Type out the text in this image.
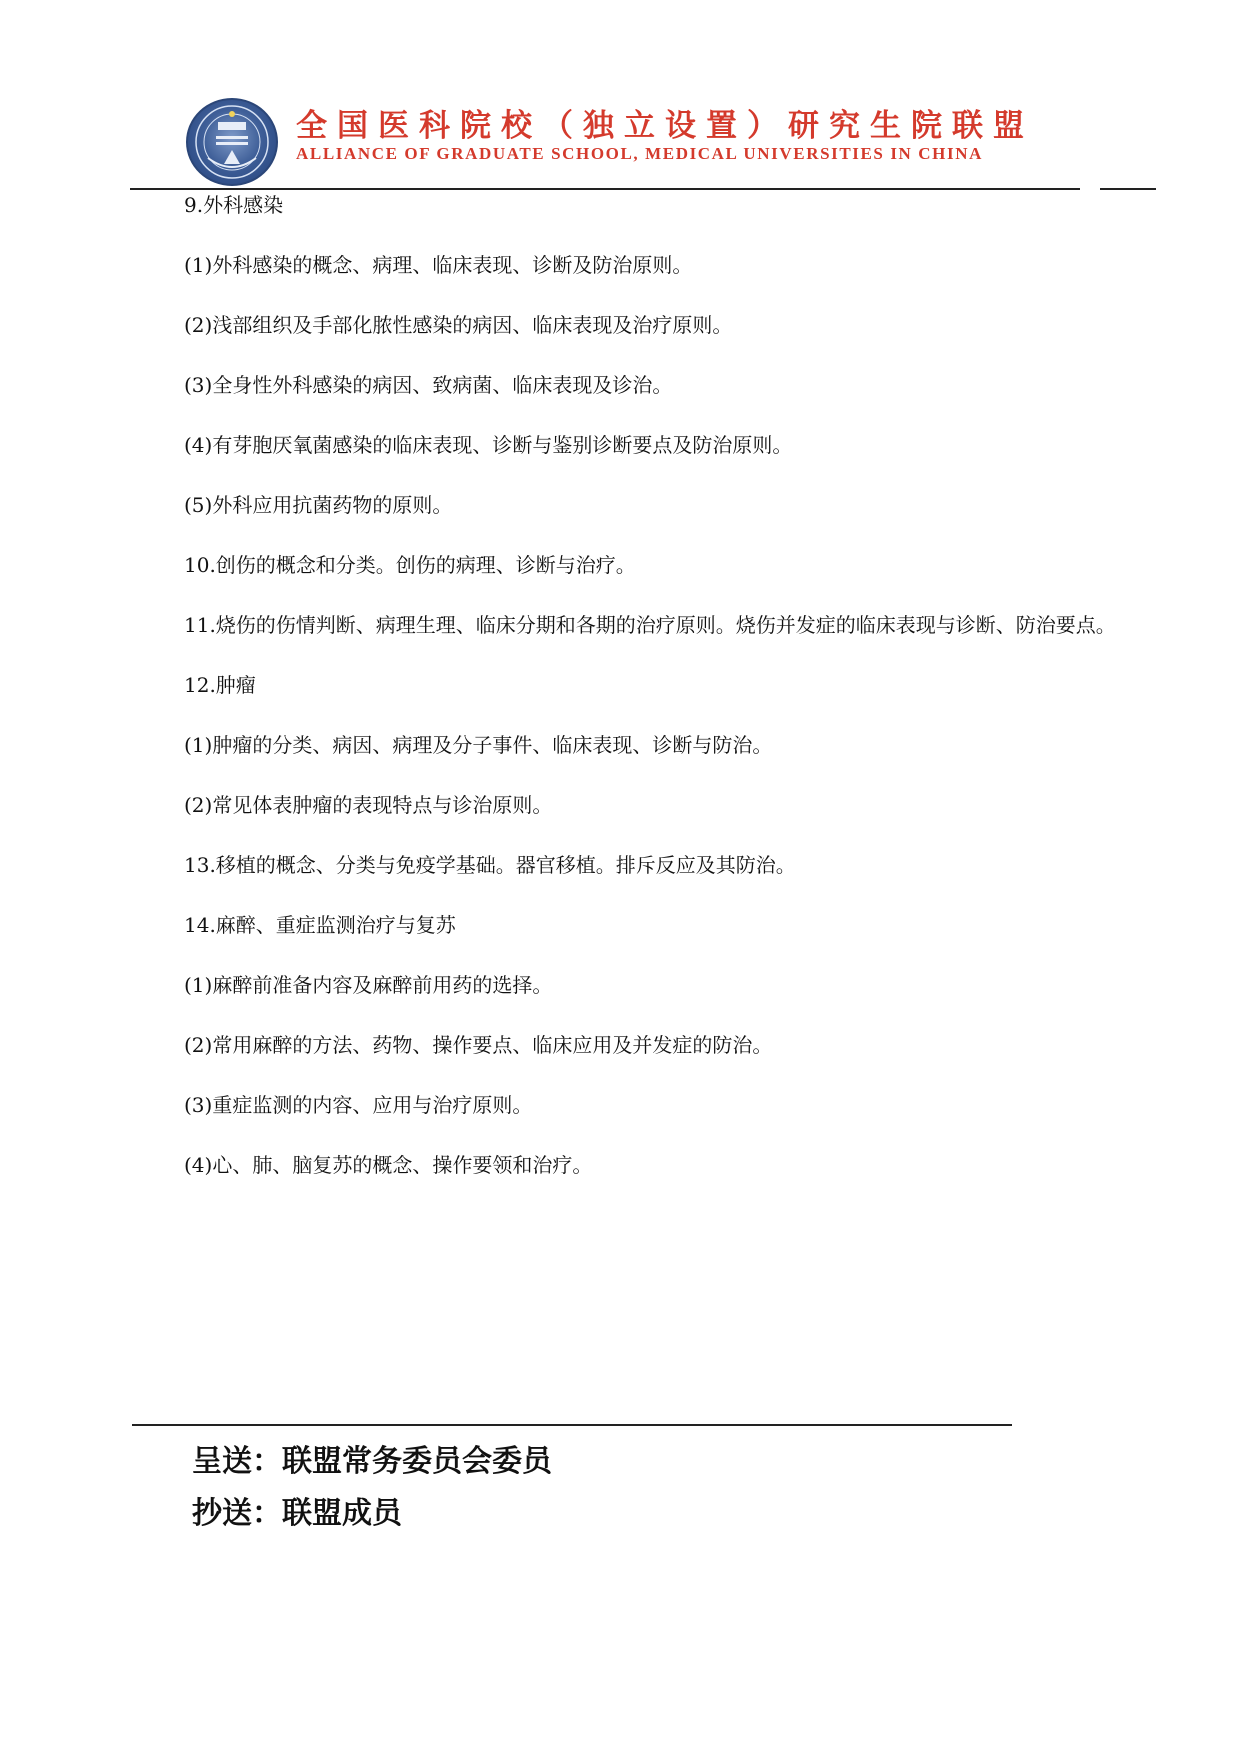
全国医科院校（独立设置）研究生院联盟
ALLIANCE OF GRADUATE SCHOOL, MEDICAL UNIVERSITIES IN CHINA

9.外科感染

(1)外科感染的概念、病理、临床表现、诊断及防治原则。

(2)浅部组织及手部化脓性感染的病因、临床表现及治疗原则。

(3)全身性外科感染的病因、致病菌、临床表现及诊治。

(4)有芽胞厌氧菌感染的临床表现、诊断与鉴别诊断要点及防治原则。

(5)外科应用抗菌药物的原则。

10.创伤的概念和分类。创伤的病理、诊断与治疗。

11.烧伤的伤情判断、病理生理、临床分期和各期的治疗原则。烧伤并发症的临床表现与诊断、防治要点。

12.肿瘤

(1)肿瘤的分类、病因、病理及分子事件、临床表现、诊断与防治。

(2)常见体表肿瘤的表现特点与诊治原则。

13.移植的概念、分类与免疫学基础。器官移植。排斥反应及其防治。

14.麻醉、重症监测治疗与复苏

(1)麻醉前准备内容及麻醉前用药的选择。

(2)常用麻醉的方法、药物、操作要点、临床应用及并发症的防治。

(3)重症监测的内容、应用与治疗原则。

(4)心、肺、脑复苏的概念、操作要领和治疗。

呈送：联盟常务委员会委员
抄送：联盟成员
